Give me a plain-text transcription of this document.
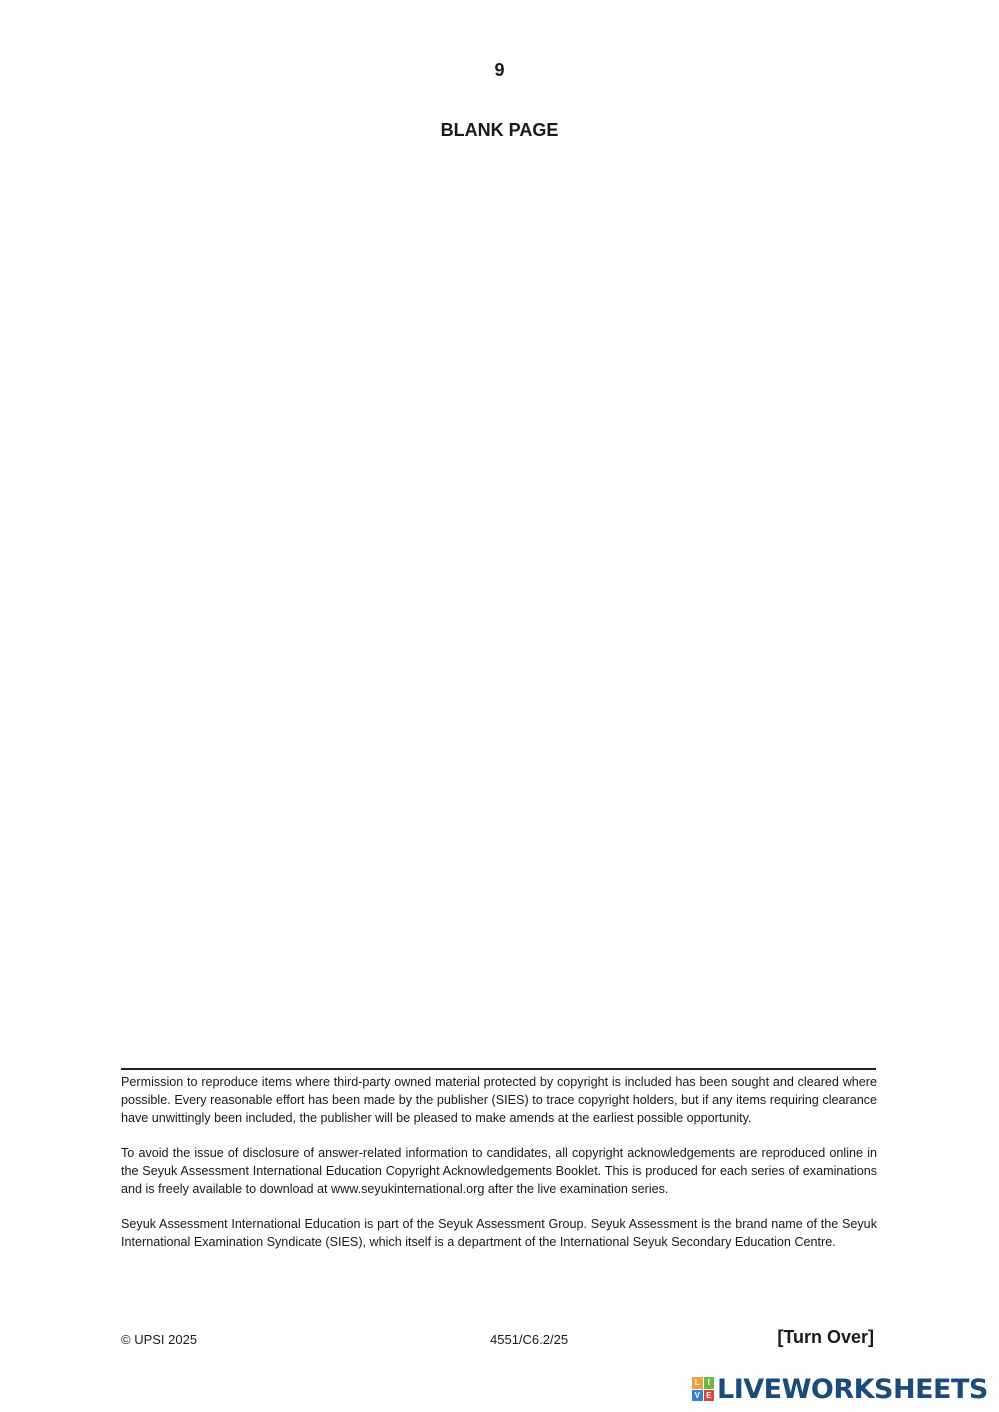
9
BLANK PAGE

Permission to reproduce items where third-party owned material protected by copyright is included has been sought and cleared where possible. Every reasonable effort has been made by the publisher (SIES) to trace copyright holders, but if any items requiring clearance have unwittingly been included, the publisher will be pleased to make amends at the earliest possible opportunity.

To avoid the issue of disclosure of answer-related information to candidates, all copyright acknowledgements are reproduced online in the Seyuk Assessment International Education Copyright Acknowledgements Booklet. This is produced for each series of examinations and is freely available to download at www.seyukinternational.org after the live examination series.

Seyuk Assessment International Education is part of the Seyuk Assessment Group. Seyuk Assessment is the brand name of the Seyuk International Examination Syndicate (SIES), which itself is a department of the International Seyuk Secondary Education Centre.

© UPSI 2025	4551/C6.2/25	[Turn Over]
L I
V E LIVEWORKSHEETS
